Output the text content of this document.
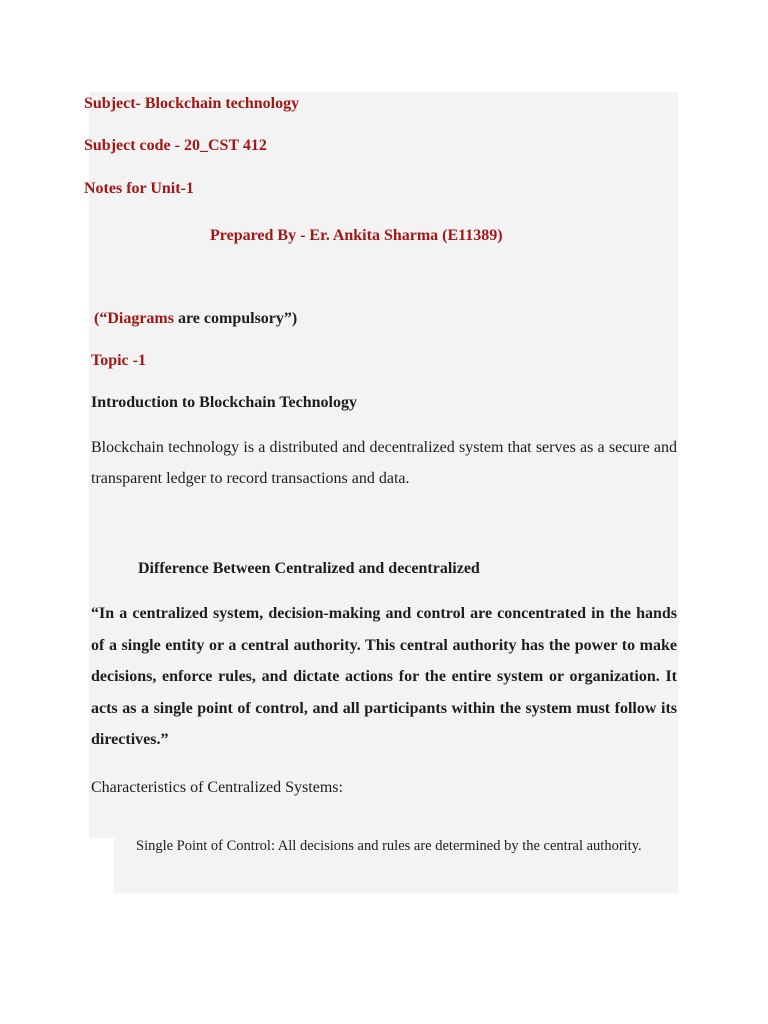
Subject- Blockchain technology

Subject code - 20_CST 412

Notes for Unit-1

Prepared By - Er. Ankita Sharma (E11389)

(“Diagrams are compulsory”)

Topic -1

Introduction to Blockchain Technology

Blockchain technology is a distributed and decentralized system that serves as a secure and transparent ledger to record transactions and data.

Difference Between Centralized and decentralized

“In a centralized system, decision-making and control are concentrated in the hands of a single entity or a central authority. This central authority has the power to make decisions, enforce rules, and dictate actions for the entire system or organization. It acts as a single point of control, and all participants within the system must follow its directives.”

Characteristics of Centralized Systems:

Single Point of Control: All decisions and rules are determined by the central authority.
